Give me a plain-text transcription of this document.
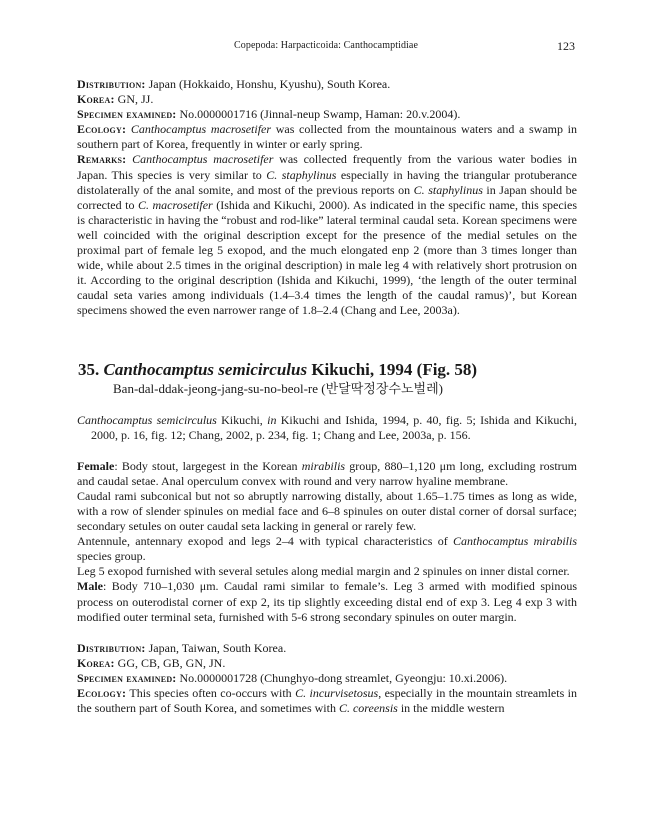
Copepoda: Harpacticoida: Canthocamptidiae	123

Distribution: Japan (Hokkaido, Honshu, Kyushu), South Korea.

Korea: GN, JJ.

Specimen examined: No.0000001716 (Jinnal-neup Swamp, Haman: 20.v.2004).

Ecology: Canthocamptus macrosetifer was collected from the mountainous waters and a swamp in southern part of Korea, frequently in winter or early spring.

Remarks: Canthocamptus macrosetifer was collected frequently from the various water bodies in Japan. This species is very similar to C. staphylinus especially in having the triangular protuberance distolaterally of the anal somite, and most of the previous reports on C. staphylinus in Japan should be corrected to C. macrosetifer (Ishida and Kikuchi, 2000). As indicated in the specific name, this species is characteristic in having the “robust and rod-like” lateral terminal caudal seta. Korean specimens were well coincided with the original description except for the presence of the medial setules on the proximal part of female leg 5 exopod, and the much elongated enp 2 (more than 3 times longer than wide, while about 2.5 times in the original description) in male leg 4 with relatively short protrusion on it. According to the original description (Ishida and Kikuchi, 1999), ‘the length of the outer terminal caudal seta varies among individuals (1.4–3.4 times the length of the caudal ramus)’, but Korean specimens showed the even narrower range of 1.8–2.4 (Chang and Lee, 2003a).

35. Canthocamptus semicirculus Kikuchi, 1994 (Fig. 58)
Ban-dal-ddak-jeong-jang-su-no-beol-re (반달딱정장수노벌레)

Canthocamptus semicirculus Kikuchi, in Kikuchi and Ishida, 1994, p. 40, fig. 5; Ishida and Kikuchi, 2000, p. 16, fig. 12; Chang, 2002, p. 234, fig. 1; Chang and Lee, 2003a, p. 156.

Female: Body stout, largegest in the Korean mirabilis group, 880–1,120 μm long, excluding rostrum and caudal setae. Anal operculum convex with round and very narrow hyaline membrane.

Caudal rami subconical but not so abruptly narrowing distally, about 1.65–1.75 times as long as wide, with a row of slender spinules on medial face and 6–8 spinules on outer distal corner of dorsal surface; secondary setules on outer caudal seta lacking in general or rarely few.

Antennule, antennary exopod and legs 2–4 with typical characteristics of Canthocamptus mirabilis species group.

Leg 5 exopod furnished with several setules along medial margin and 2 spinules on inner distal corner.

Male: Body 710–1,030 μm. Caudal rami similar to female’s. Leg 3 armed with modified spinous process on outerodistal corner of exp 2, its tip slightly exceeding distal end of exp 3. Leg 4 exp 3 with modified outer terminal seta, furnished with 5-6 strong secondary spinules on outer margin.

Distribution: Japan, Taiwan, South Korea.

Korea: GG, CB, GB, GN, JN.

Specimen examined: No.0000001728 (Chunghyo-dong streamlet, Gyeongju: 10.xi.2006).

Ecology: This species often co-occurs with C. incurvisetosus, especially in the mountain streamlets in the southern part of South Korea, and sometimes with C. coreensis in the middle western
